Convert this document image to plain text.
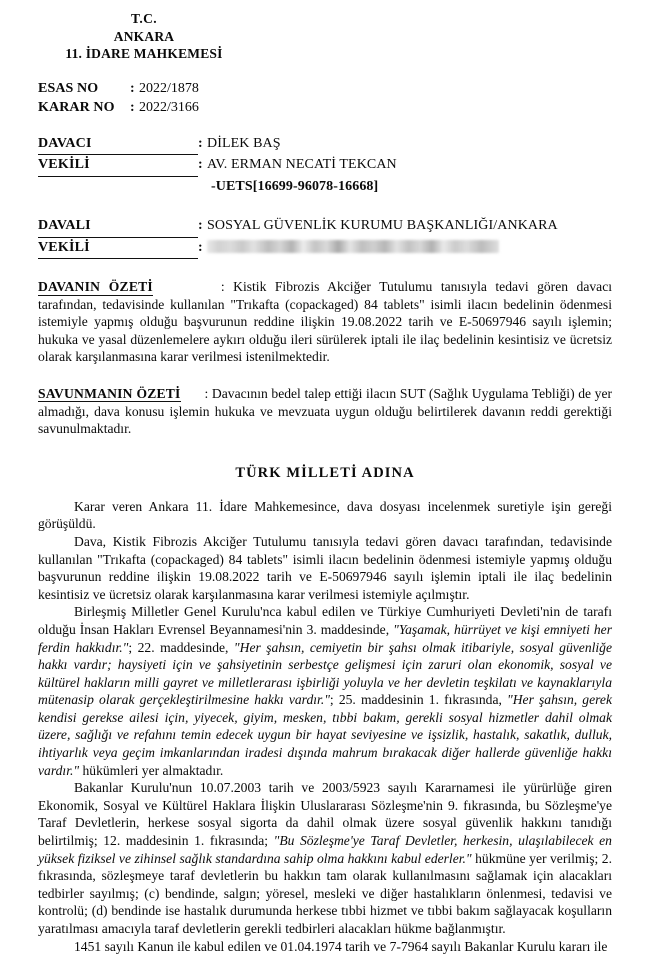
T.C.
ANKARA
11. İDARE MAHKEMESİ
ESAS NO	: 2022/1878
KARAR NO	: 2022/3166
DAVACI	: DİLEK BAŞ
VEKİLİ	: AV. ERMAN NECATİ TEKCAN
-UETS[16699-96078-16668]
DAVALI	: SOSYAL GÜVENLİK KURUMU BAŞKANLIĞI/ANKARA
VEKİLİ	:
DAVANIN ÖZETİ	: Kistik Fibrozis Akciğer Tutulumu tanısıyla tedavi gören davacı tarafından, tedavisinde kullanılan "Trıkafta (copackaged) 84 tablets" isimli ilacın bedelinin ödenmesi istemiyle yapmış olduğu başvurunun reddine ilişkin 19.08.2022 tarih ve E-50697946 sayılı işlemin; hukuka ve yasal düzenlemelere aykırı olduğu ileri sürülerek iptali ile ilaç bedelinin kesintisiz ve ücretsiz olarak karşılanmasına karar verilmesi istenilmektedir.
SAVUNMANIN ÖZETİ : Davacının bedel talep ettiği ilacın SUT (Sağlık Uygulama Tebliği) de yer almadığı, dava konusu işlemin hukuka ve mevzuata uygun olduğu belirtilerek davanın reddi gerektiği savunulmaktadır.
TÜRK MİLLETİ ADINA

Karar veren Ankara 11. İdare Mahkemesince, dava dosyası incelenmek suretiyle işin gereği görüşüldü.

Dava, Kistik Fibrozis Akciğer Tutulumu tanısıyla tedavi gören davacı tarafından, tedavisinde kullanılan "Trıkafta (copackaged) 84 tablets" isimli ilacın bedelinin ödenmesi istemiyle yapmış olduğu başvurunun reddine ilişkin 19.08.2022 tarih ve E-50697946 sayılı işlemin iptali ile ilaç bedelinin kesintisiz ve ücretsiz olarak karşılanmasına karar verilmesi istemiyle açılmıştır.

Birleşmiş Milletler Genel Kurulu'nca kabul edilen ve Türkiye Cumhuriyeti Devleti'nin de tarafı olduğu İnsan Hakları Evrensel Beyannamesi'nin 3. maddesinde, "Yaşamak, hürrüyet ve kişi emniyeti her ferdin hakkıdır."; 22. maddesinde, "Her şahsın, cemiyetin bir şahsı olmak itibariyle, sosyal güvenliğe hakkı vardır; haysiyeti için ve şahsiyetinin serbestçe gelişmesi için zaruri olan ekonomik, sosyal ve kültürel hakların milli gayret ve milletlerarası işbirliği yoluyla ve her devletin teşkilatı ve kaynaklarıyla mütenasip olarak gerçekleştirilmesine hakkı vardır."; 25. maddesinin 1. fıkrasında, "Her şahsın, gerek kendisi gerekse ailesi için, yiyecek, giyim, mesken, tıbbi bakım, gerekli sosyal hizmetler dahil olmak üzere, sağlığı ve refahını temin edecek uygun bir hayat seviyesine ve işsizlik, hastalık, sakatlık, dulluk, ihtiyarlık veya geçim imkanlarından iradesi dışında mahrum bırakacak diğer hallerde güvenliğe hakkı vardır." hükümleri yer almaktadır.

Bakanlar Kurulu'nun 10.07.2003 tarih ve 2003/5923 sayılı Kararnamesi ile yürürlüğe giren Ekonomik, Sosyal ve Kültürel Haklara İlişkin Uluslararası Sözleşme'nin 9. fıkrasında, bu Sözleşme'ye Taraf Devletlerin, herkese sosyal sigorta da dahil olmak üzere sosyal güvenlik hakkını tanıdığı belirtilmiş; 12. maddesinin 1. fıkrasında; "Bu Sözleşme'ye Taraf Devletler, herkesin, ulaşılabilecek en yüksek fiziksel ve zihinsel sağlık standardına sahip olma hakkını kabul ederler." hükmüne yer verilmiş; 2. fıkrasında, sözleşmeye taraf devletlerin bu hakkın tam olarak kullanılmasını sağlamak için alacakları tedbirler sayılmış; (c) bendinde, salgın; yöresel, mesleki ve diğer hastalıkların önlenmesi, tedavisi ve kontrolü; (d) bendinde ise hastalık durumunda herkese tıbbi hizmet ve tıbbi bakım sağlayacak koşulların yaratılması amacıyla taraf devletlerin gerekli tedbirleri alacakları hükme bağlanmıştır.

1451 sayılı Kanun ile kabul edilen ve 01.04.1974 tarih ve 7-7964 sayılı Bakanlar Kurulu kararı ile
